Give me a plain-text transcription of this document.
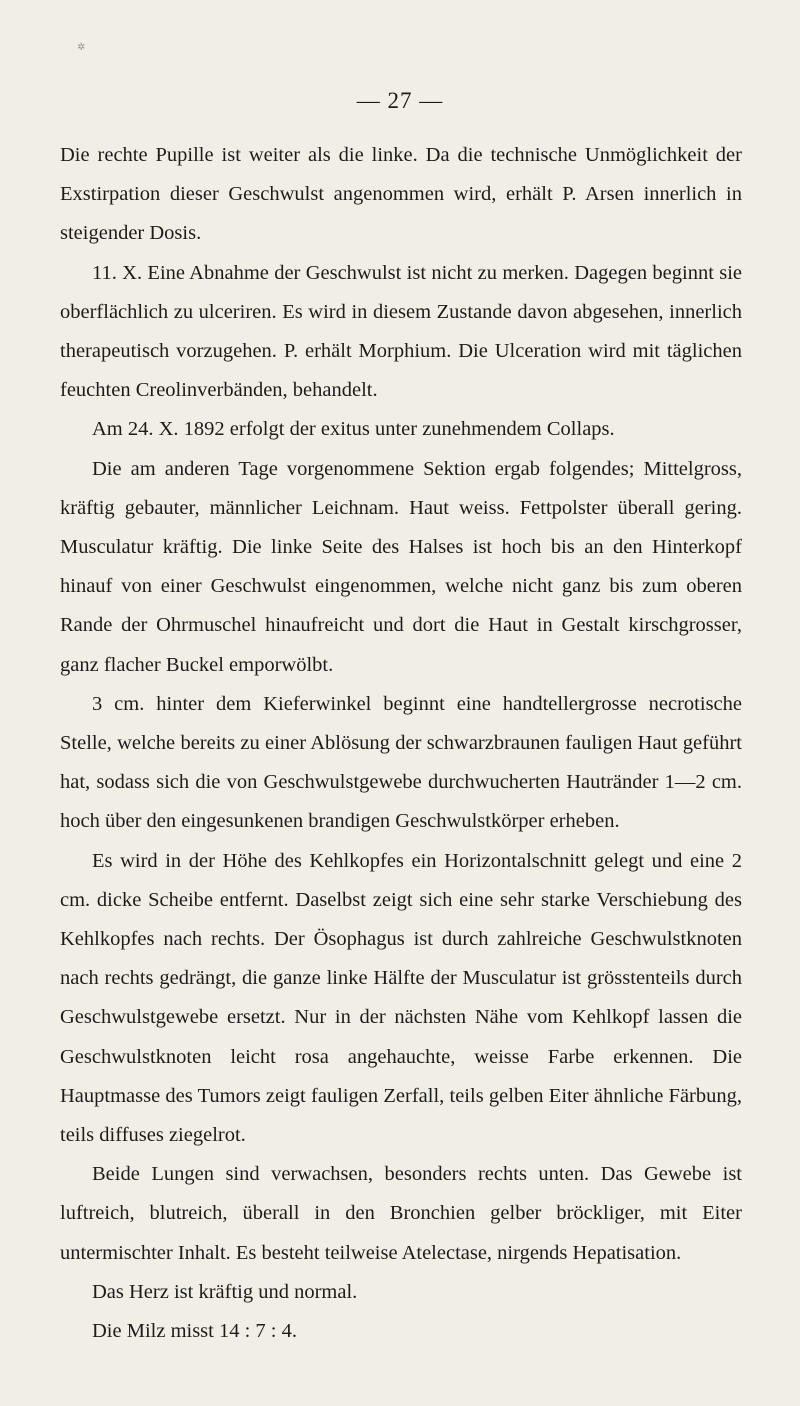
✲
— 27 —

Die rechte Pupille ist weiter als die linke. Da die technische Unmöglichkeit der Exstirpation dieser Geschwulst angenommen wird, erhält P. Arsen innerlich in steigender Dosis.

11. X. Eine Abnahme der Geschwulst ist nicht zu merken. Dagegen beginnt sie oberflächlich zu ulceriren. Es wird in diesem Zustande davon abgesehen, innerlich therapeutisch vorzugehen. P. erhält Morphium. Die Ulceration wird mit täglichen feuchten Creolinverbänden, behandelt.

Am 24. X. 1892 erfolgt der exitus unter zunehmendem Collaps.

Die am anderen Tage vorgenommene Sektion ergab folgendes; Mittelgross, kräftig gebauter, männlicher Leichnam. Haut weiss. Fettpolster überall gering. Musculatur kräftig. Die linke Seite des Halses ist hoch bis an den Hinterkopf hinauf von einer Geschwulst eingenommen, welche nicht ganz bis zum oberen Rande der Ohrmuschel hinaufreicht und dort die Haut in Gestalt kirschgrosser, ganz flacher Buckel emporwölbt.

3 cm. hinter dem Kieferwinkel beginnt eine handtellergrosse necrotische Stelle, welche bereits zu einer Ablösung der schwarzbraunen fauligen Haut geführt hat, sodass sich die von Geschwulstgewebe durchwucherten Hautränder 1—2 cm. hoch über den eingesunkenen brandigen Geschwulstkörper erheben.

Es wird in der Höhe des Kehlkopfes ein Horizontalschnitt gelegt und eine 2 cm. dicke Scheibe entfernt. Daselbst zeigt sich eine sehr starke Verschiebung des Kehlkopfes nach rechts. Der Ösophagus ist durch zahlreiche Geschwulstknoten nach rechts gedrängt, die ganze linke Hälfte der Musculatur ist grösstenteils durch Geschwulstgewebe ersetzt. Nur in der nächsten Nähe vom Kehlkopf lassen die Geschwulstknoten leicht rosa angehauchte, weisse Farbe erkennen. Die Hauptmasse des Tumors zeigt fauligen Zerfall, teils gelben Eiter ähnliche Färbung, teils diffuses ziegelrot.

Beide Lungen sind verwachsen, besonders rechts unten. Das Gewebe ist luftreich, blutreich, überall in den Bronchien gelber bröckliger, mit Eiter untermischter Inhalt. Es besteht teilweise Atelectase, nirgends Hepatisation.

Das Herz ist kräftig und normal.

Die Milz misst 14 : 7 : 4.
